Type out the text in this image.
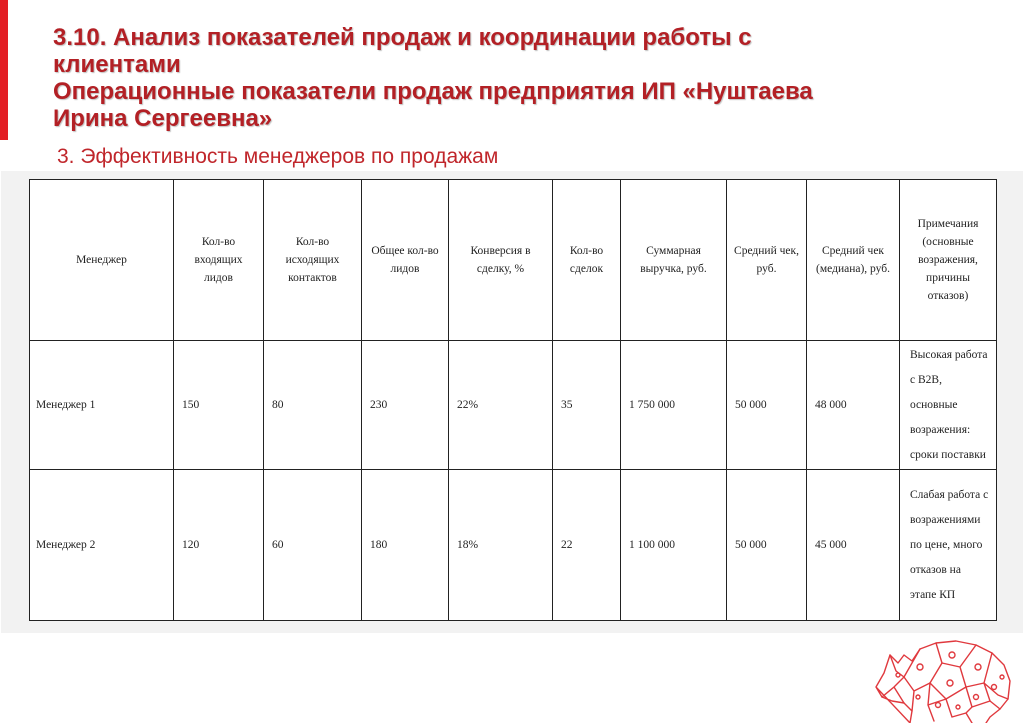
3.10. Анализ показателей продаж и координации работы с
клиентами
Операционные показатели продаж предприятия ИП «Нуштаева
Ирина Сергеевна»
3. Эффективность менеджеров по продажам
Менеджер	Кол-во входящих лидов	Кол-во исходящих контактов	Общее кол-во лидов	Конверсия в сделку, %	Кол-во сделок	Суммарная выручка, руб.	Средний чек, руб.	Средний чек (медиана), руб.	Примечания (основные возражения, причины отказов)
Менеджер 1	150	80	230	22%	35	1 750 000	50 000	48 000	Высокая работа с В2В, основные возражения: сроки поставки
Менеджер 2	120	60	180	18%	22	1 100 000	50 000	45 000	Слабая работа с возражениями по цене, много отказов на этапе КП
